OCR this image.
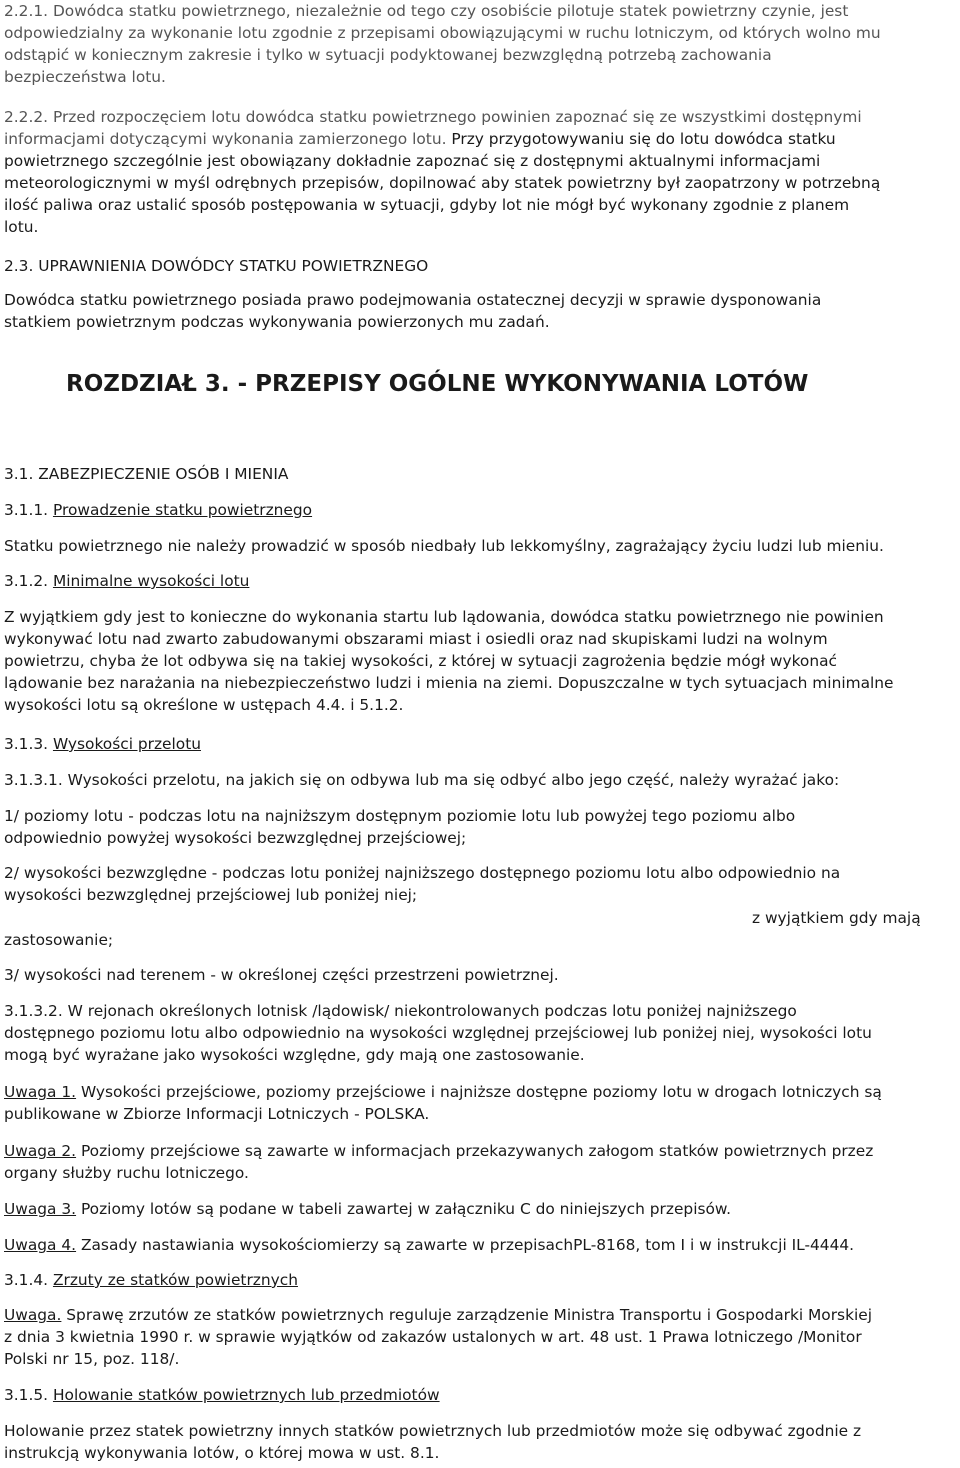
2.2.1. Dowódca statku powietrznego, niezależnie od tego czy osobiście pilotuje statek powietrzny czynie, jest
odpowiedzialny za wykonanie lotu zgodnie z przepisami obowiązującymi w ruchu lotniczym, od których wolno mu
odstąpić w koniecznym zakresie i tylko w sytuacji podyktowanej bezwzględną potrzebą zachowania
bezpieczeństwa lotu.
2.2.2. Przed rozpoczęciem lotu dowódca statku powietrznego powinien zapoznać się ze wszystkimi dostępnymi
informacjami dotyczącymi wykonania zamierzonego lotu. Przy przygotowywaniu się do lotu dowódca statku
powietrznego szczególnie jest obowiązany dokładnie zapoznać się z dostępnymi aktualnymi informacjami
meteorologicznymi w myśl odrębnych przepisów, dopilnować aby statek powietrzny był zaopatrzony w potrzebną
ilość paliwa oraz ustalić sposób postępowania w sytuacji, gdyby lot nie mógł być wykonany zgodnie z planem
lotu.
2.3. UPRAWNIENIA DOWÓDCY STATKU POWIETRZNEGO
Dowódca statku powietrznego posiada prawo podejmowania ostatecznej decyzji w sprawie dysponowania
statkiem powietrznym podczas wykonywania powierzonych mu zadań.
ROZDZIAŁ 3. - PRZEPISY OGÓLNE WYKONYWANIA LOTÓW
3.1. ZABEZPIECZENIE OSÓB I MIENIA
3.1.1. Prowadzenie statku powietrznego
Statku powietrznego nie należy prowadzić w sposób niedbały lub lekkomyślny, zagrażający życiu ludzi lub mieniu.
3.1.2. Minimalne wysokości lotu
Z wyjątkiem gdy jest to konieczne do wykonania startu lub lądowania, dowódca statku powietrznego nie powinien
wykonywać lotu nad zwarto zabudowanymi obszarami miast i osiedli oraz nad skupiskami ludzi na wolnym
powietrzu, chyba że lot odbywa się na takiej wysokości, z której w sytuacji zagrożenia będzie mógł wykonać
lądowanie bez narażania na niebezpieczeństwo ludzi i mienia na ziemi. Dopuszczalne w tych sytuacjach minimalne
wysokości lotu są określone w ustępach 4.4. i 5.1.2.
3.1.3. Wysokości przelotu
3.1.3.1. Wysokości przelotu, na jakich się on odbywa lub ma się odbyć albo jego część, należy wyrażać jako:
1/ poziomy lotu - podczas lotu na najniższym dostępnym poziomie lotu lub powyżej tego poziomu albo
odpowiednio powyżej wysokości bezwzględnej przejściowej;
2/ wysokości bezwzględne - podczas lotu poniżej najniższego dostępnego poziomu lotu albo odpowiednio na
wysokości bezwzględnej przejściowej lub poniżej niej;
z wyjątkiem gdy mają
zastosowanie;
3/ wysokości nad terenem - w określonej części przestrzeni powietrznej.
3.1.3.2. W rejonach określonych lotnisk /lądowisk/ niekontrolowanych podczas lotu poniżej najniższego
dostępnego poziomu lotu albo odpowiednio na wysokości względnej przejściowej lub poniżej niej, wysokości lotu
mogą być wyrażane jako wysokości względne, gdy mają one zastosowanie.
Uwaga 1. Wysokości przejściowe, poziomy przejściowe i najniższe dostępne poziomy lotu w drogach lotniczych są
publikowane w Zbiorze Informacji Lotniczych - POLSKA.
Uwaga 2. Poziomy przejściowe są zawarte w informacjach przekazywanych załogom statków powietrznych przez
organy służby ruchu lotniczego.
Uwaga 3. Poziomy lotów są podane w tabeli zawartej w załączniku C do niniejszych przepisów.
Uwaga 4. Zasady nastawiania wysokościomierzy są zawarte w przepisachPL-8168, tom I i w instrukcji IL-4444.
3.1.4. Zrzuty ze statków powietrznych
Uwaga. Sprawę zrzutów ze statków powietrznych reguluje zarządzenie Ministra Transportu i Gospodarki Morskiej
z dnia 3 kwietnia 1990 r. w sprawie wyjątków od zakazów ustalonych w art. 48 ust. 1 Prawa lotniczego /Monitor
Polski nr 15, poz. 118/.
3.1.5. Holowanie statków powietrznych lub przedmiotów
Holowanie przez statek powietrzny innych statków powietrznych lub przedmiotów może się odbywać zgodnie z
instrukcją wykonywania lotów, o której mowa w ust. 8.1.
